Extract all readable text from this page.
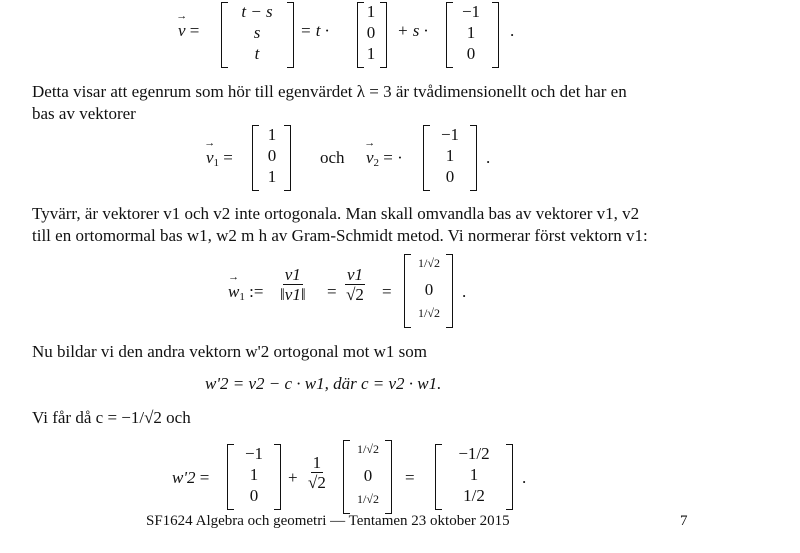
→ v =
t − s
s
t
= t ·
1
0
1
+ s ·
−1
1
0
.
Detta visar att egenrum som hör till egenvärdet λ = 3 är tvådimensionellt och det har en
bas av vektorer
→ $v_1$ =
1
0
1
och → $v_2$ = ·
−1
1
0
.
Tyvärr, är vektorer v1 och v2 inte ortogonala. Man skall omvandla bas av vektorer v1, v2
till en ortomormal bas w1, w2 m h av Gram-Schmidt metod. Vi normerar först vektorn v1:
→ $w_1$ := $\frac{v1}{‖v1‖} = \frac{v1}{√2}$ =
1/√2
0
1/√2
.
Nu bildar vi den andra vektorn w'2 ortogonal mot w1 som
w'2 = v2 − c · w1, där c = v2 · w1.
Vi får då c = −1/√2 och
w'2 =
−1
1
0
+ $\frac{1}{√2}$
1/√2
0
1/√2
=
−1/2
1
1/2
.
SF1624 Algebra och geometri — Tentamen 23 oktober 2015	7
